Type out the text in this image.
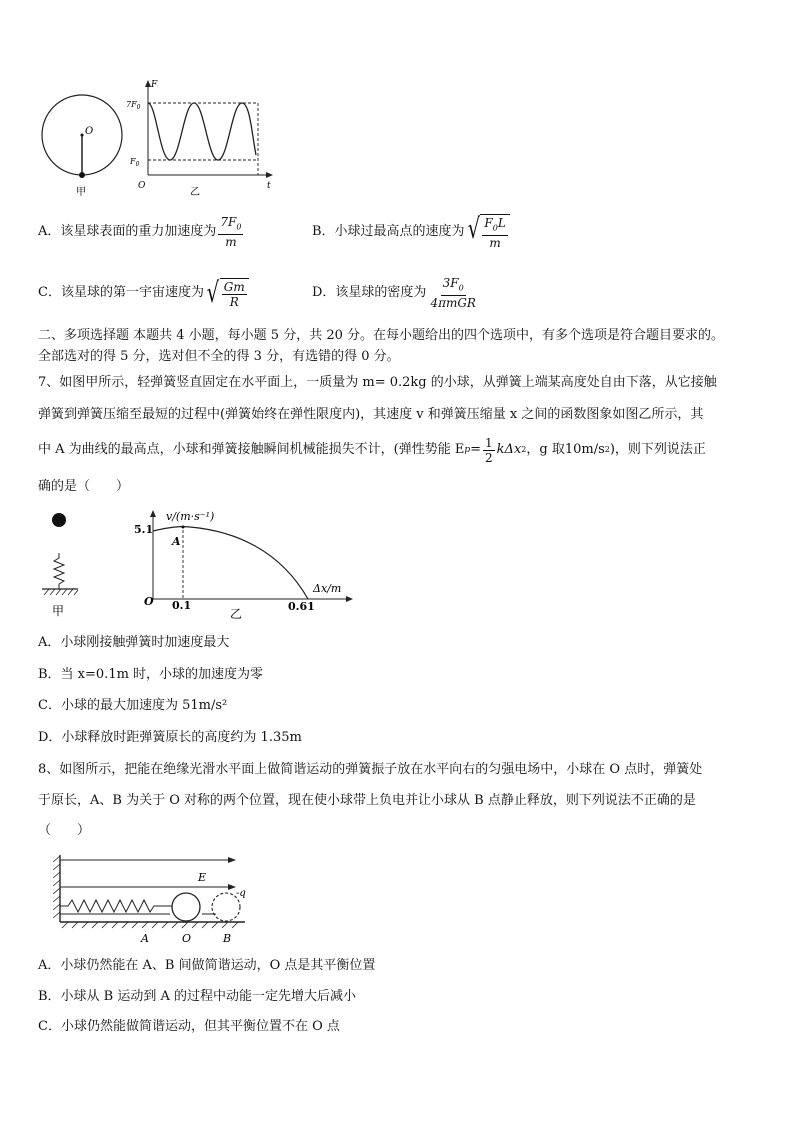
O
甲
F
t
O
$7F_0$
$F_0$
乙
A．该星球表面的重力加速度为 $\frac{7F_0}{m}$	B．小球过最高点的速度为 √ $\frac{F_0L}{m}$
C．该星球的第一宇宙速度为 √ $\frac{Gm}{R}$	D．该星球的密度为 $\frac{3F_0}{\text{4πmGR}}$
二、多项选择题 本题共 4 小题，每小题 5 分，共 20 分。在每小题给出的四个选项中，有多个选项是符合题目要求的。
全部选对的得 5 分，选对但不全的得 3 分，有选错的得 0 分。
7、如图甲所示，轻弹簧竖直固定在水平面上，一质量为 m= 0.2kg 的小球，从弹簧上端某高度处自由下落，从它接触
弹簧到弹簧压缩至最短的过程中(弹簧始终在弹性限度内)，其速度 v 和弹簧压缩量 x 之间的函数图象如图乙所示，其
中 A 为曲线的最高点，小球和弹簧接触瞬间机械能损失不计，(弹性势能 E $p = \frac{1}{2}$ kΔx 2 ，g 取10m/s 2 )，则下列说法正
确的是（　　）
甲
v/(m·s⁻¹)
Δx/m
5.1
O 0.1	0.61
A
乙
A．小球刚接触弹簧时加速度最大
B．当 x=0.1m 时，小球的加速度为零
C．小球的最大加速度为 51m/s²
D．小球释放时距弹簧原长的高度约为 1.35m
8、如图所示，把能在绝缘光滑水平面上做简谐运动的弹簧振子放在水平向右的匀强电场中，小球在 O 点时，弹簧处
于原长，A、B 为关于 O 对称的两个位置，现在使小球带上负电并让小球从 B 点静止释放，则下列说法不正确的是
（　　）
E
-q
A	O	B
A．小球仍然能在 A、B 间做简谐运动，O 点是其平衡位置
B．小球从 B 运动到 A 的过程中动能一定先增大后减小
C．小球仍然能做简谐运动，但其平衡位置不在 O 点
